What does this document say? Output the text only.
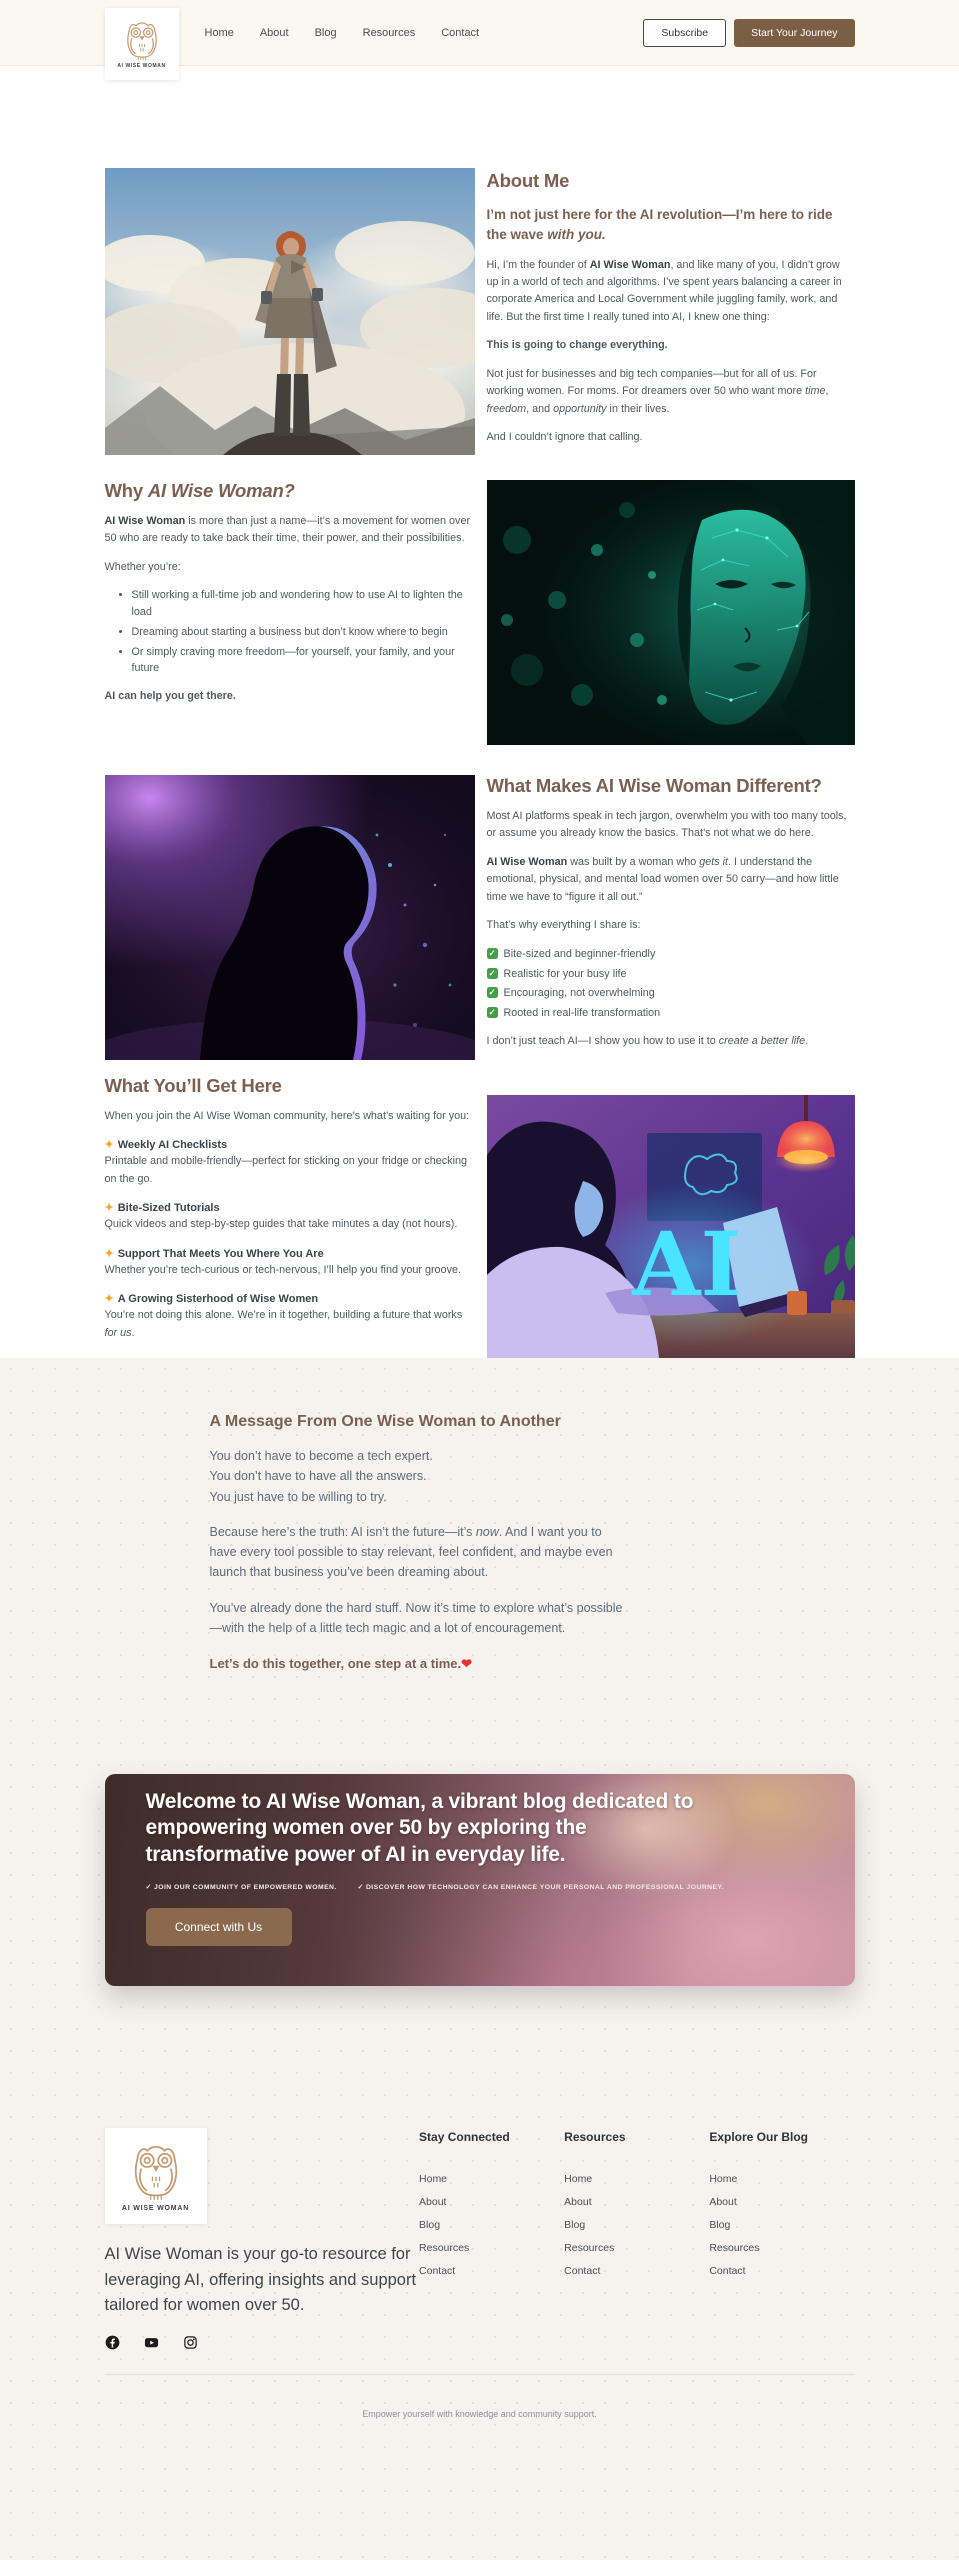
AI WISE WOMAN
Home About Blog Resources Contact	Subscribe	Start Your Journey
About Me
I’m not just here for the AI revolution—I’m here to ride the wave with you.

Hi, I’m the founder of AI Wise Woman, and like many of you, I didn’t grow up in a world of tech and algorithms. I’ve spent years balancing a career in corporate America and Local Government while juggling family, work, and life. But the first time I really tuned into AI, I knew one thing:

This is going to change everything.

Not just for businesses and big tech companies—but for all of us. For working women. For moms. For dreamers over 50 who want more time, freedom, and opportunity in their lives.

And I couldn’t ignore that calling.

Why AI Wise Woman?

AI Wise Woman is more than just a name—it’s a movement for women over 50 who are ready to take back their time, their power, and their possibilities.

Whether you’re:

• Still working a full-time job and wondering how to use AI to lighten the load
• Dreaming about starting a business but don’t know where to begin
• Or simply craving more freedom—for yourself, your family, and your future

AI can help you get there.

What Makes AI Wise Woman Different?

Most AI platforms speak in tech jargon, overwhelm you with too many tools, or assume you already know the basics. That’s not what we do here.

AI Wise Woman was built by a woman who gets it. I understand the emotional, physical, and mental load women over 50 carry—and how little time we have to “figure it all out.”

That’s why everything I share is:

✓ Bite-sized and beginner-friendly
✓ Realistic for your busy life
✓ Encouraging, not overwhelming
✓ Rooted in real-life transformation

I don’t just teach AI—I show you how to use it to create a better life.

What You’ll Get Here

When you join the AI Wise Woman community, here’s what’s waiting for you:

✦ Weekly AI Checklists

Printable and mobile-friendly—perfect for sticking on your fridge or checking on the go.

✦ Bite-Sized Tutorials

Quick videos and step-by-step guides that take minutes a day (not hours).

✦ Support That Meets You Where You Are

Whether you’re tech-curious or tech-nervous, I’ll help you find your groove.

✦ A Growing Sisterhood of Wise Women

You’re not doing this alone. We’re in it together, building a future that works for us.

AI
A Message From One Wise Woman to Another
You don’t have to become a tech expert.
You don’t have to have all the answers.
You just have to be willing to try.

Because here’s the truth: AI isn’t the future—it’s now. And I want you to have every tool possible to stay relevant, feel confident, and maybe even launch that business you’ve been dreaming about.

You’ve already done the hard stuff. Now it’s time to explore what’s possible—with the help of a little tech magic and a lot of encouragement.

Let’s do this together, one step at a time.❤

Welcome to AI Wise Woman, a vibrant blog dedicated to empowering women over 50 by exploring the transformative power of AI in everyday life.
✓ JOIN OUR COMMUNITY OF EMPOWERED WOMEN.	✓ DISCOVER HOW TECHNOLOGY CAN ENHANCE YOUR PERSONAL AND PROFESSIONAL JOURNEY.
Connect with Us
AI WISE WOMAN
AI Wise Woman is your go-to resource for leveraging AI, offering insights and support tailored for women over 50.
Stay Connected
Home
About
Blog
Resources
Contact
Resources
Home
About
Blog
Resources
Contact
Explore Our Blog
Home
About
Blog
Resources
Contact
Empower yourself with knowledge and community support.
